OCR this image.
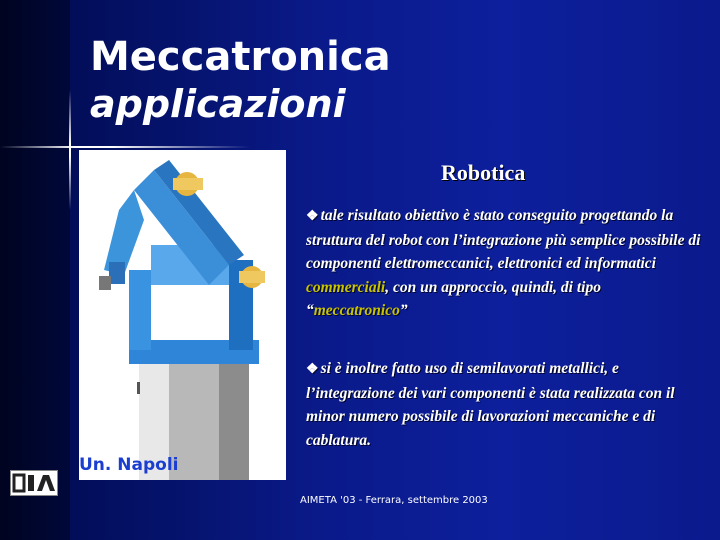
Meccatronica
applicazioni
Un. Napoli
Robotica
❖ tale risultato obiettivo è stato conseguito progettando la struttura del robot con l’integrazione più semplice possibile di componenti elettromeccanici, elettronici ed informatici commerciali, con un approccio, quindi, di tipo “meccatronico”
❖ si è inoltre fatto uso di semilavorati metallici, e l’integrazione dei vari componenti è stata realizzata con il minor numero possibile di lavorazioni meccaniche e di cablatura.
AIMETA '03 - Ferrara, settembre 2003
